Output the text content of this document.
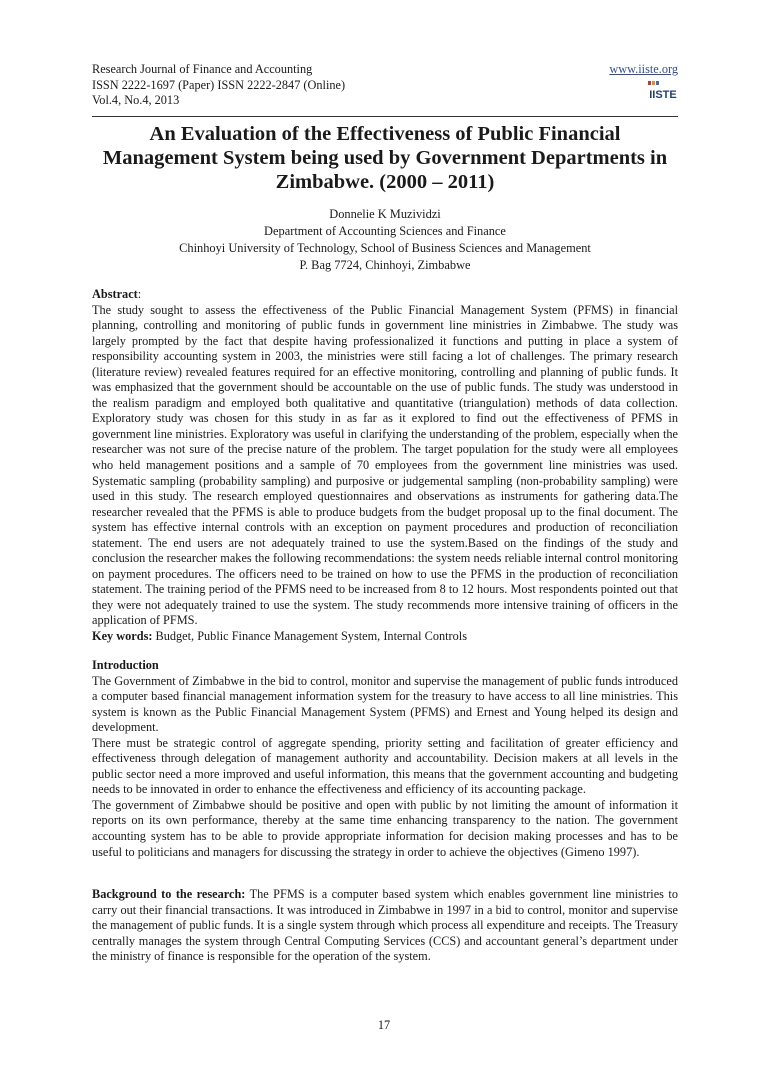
Research Journal of Finance and Accounting
ISSN 2222-1697 (Paper) ISSN 2222-2847 (Online)
Vol.4, No.4, 2013
www.iiste.org
IISTE
An Evaluation of the Effectiveness of Public Financial
Management System being used by Government Departments in
Zimbabwe. (2000 – 2011)
Donnelie K Muzividzi
Department of Accounting Sciences and Finance
Chinhoyi University of Technology, School of Business Sciences and Management
P. Bag 7724, Chinhoyi, Zimbabwe
Abstract:

The study sought to assess the effectiveness of the Public Financial Management System (PFMS) in financial planning, controlling and monitoring of public funds in government line ministries in Zimbabwe. The study was largely prompted by the fact that despite having professionalized it functions and putting in place a system of responsibility accounting system in 2003, the ministries were still facing a lot of challenges. The primary research (literature review) revealed features required for an effective monitoring, controlling and planning of public funds. It was emphasized that the government should be accountable on the use of public funds. The study was understood in the realism paradigm and employed both qualitative and quantitative (triangulation) methods of data collection. Exploratory study was chosen for this study in as far as it explored to find out the effectiveness of PFMS in government line ministries. Exploratory was useful in clarifying the understanding of the problem, especially when the researcher was not sure of the precise nature of the problem. The target population for the study were all employees who held management positions and a sample of 70 employees from the government line ministries was used. Systematic sampling (probability sampling) and purposive or judgemental sampling (non-probability sampling) were used in this study. The research employed questionnaires and observations as instruments for gathering data.The researcher revealed that the PFMS is able to produce budgets from the budget proposal up to the final document. The system has effective internal controls with an exception on payment procedures and production of reconciliation statement. The end users are not adequately trained to use the system.Based on the findings of the study and conclusion the researcher makes the following recommendations: the system needs reliable internal control monitoring on payment procedures. The officers need to be trained on how to use the PFMS in the production of reconciliation statement. The training period of the PFMS need to be increased from 8 to 12 hours. Most respondents pointed out that they were not adequately trained to use the system. The study recommends more intensive training of officers in the application of PFMS.

Key words: Budget, Public Finance Management System, Internal Controls

Introduction

The Government of Zimbabwe in the bid to control, monitor and supervise the management of public funds introduced a computer based financial management information system for the treasury to have access to all line ministries. This system is known as the Public Financial Management System (PFMS) and Ernest and Young helped its design and development.

There must be strategic control of aggregate spending, priority setting and facilitation of greater efficiency and effectiveness through delegation of management authority and accountability. Decision makers at all levels in the public sector need a more improved and useful information, this means that the government accounting and budgeting needs to be innovated in order to enhance the effectiveness and efficiency of its accounting package.

The government of Zimbabwe should be positive and open with public by not limiting the amount of information it reports on its own performance, thereby at the same time enhancing transparency to the nation. The government accounting system has to be able to provide appropriate information for decision making processes and has to be useful to politicians and managers for discussing the strategy in order to achieve the objectives (Gimeno 1997).

Background to the research: The PFMS is a computer based system which enables government line ministries to carry out their financial transactions. It was introduced in Zimbabwe in 1997 in a bid to control, monitor and supervise the management of public funds. It is a single system through which process all expenditure and receipts. The Treasury centrally manages the system through Central Computing Services (CCS) and accountant general’s department under the ministry of finance is responsible for the operation of the system.

17
